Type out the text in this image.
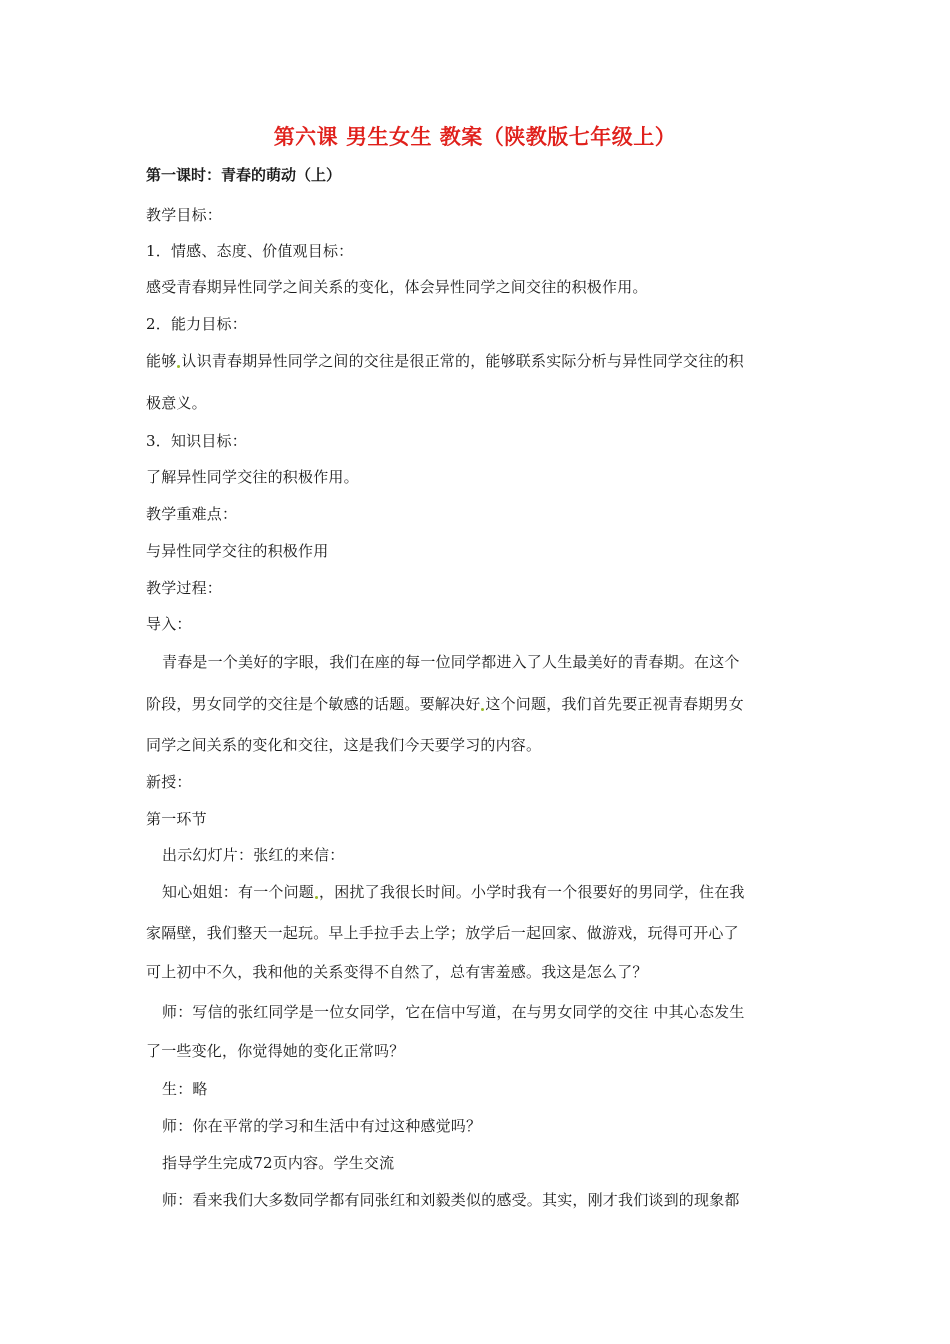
第六课 男生女生 教案（陕教版七年级上）
第一课时：青春的萌动（上）
教学目标：
1．情感、态度、价值观目标：
感受青春期异性同学之间关系的变化，体会异性同学之间交往的积极作用。
2．能力目标：
能够 认识青春期异性同学之间的交往是很正常的，能够联系实际分析与异性同学交往的积
极意义。
3．知识目标：
了解异性同学交往的积极作用。
教学重难点：
与异性同学交往的积极作用
教学过程：
导入：
青春是一个美好的字眼，我们在座的每一位同学都进入了人生最美好的青春期。在这个
阶段，男女同学的交往是个敏感的话题。要解决好 这个问题，我们首先要正视青春期男女
同学之间关系的变化和交往，这是我们今天要学习的内容。
新授：
第一环节
出示幻灯片：张红的来信：
知心姐姐：有一个问题 ，困扰了我很长时间。小学时我有一个很要好的男同学，住在我
家隔壁，我们整天一起玩。早上手拉手去上学；放学后一起回家、做游戏，玩得可开心了
可上初中不久，我和他的关系变得不自然了，总有害羞感。我这是怎么了？
师：写信的张红同学是一位女同学，它在信中写道，在与男女同学的交往 中其心态发生
了一些变化，你觉得她的变化正常吗？
生：略
师：你在平常的学习和生活中有过这种感觉吗？
指导学生完成72页内容。学生交流
师：看来我们大多数同学都有同张红和刘毅类似的感受。其实，刚才我们谈到的现象都
